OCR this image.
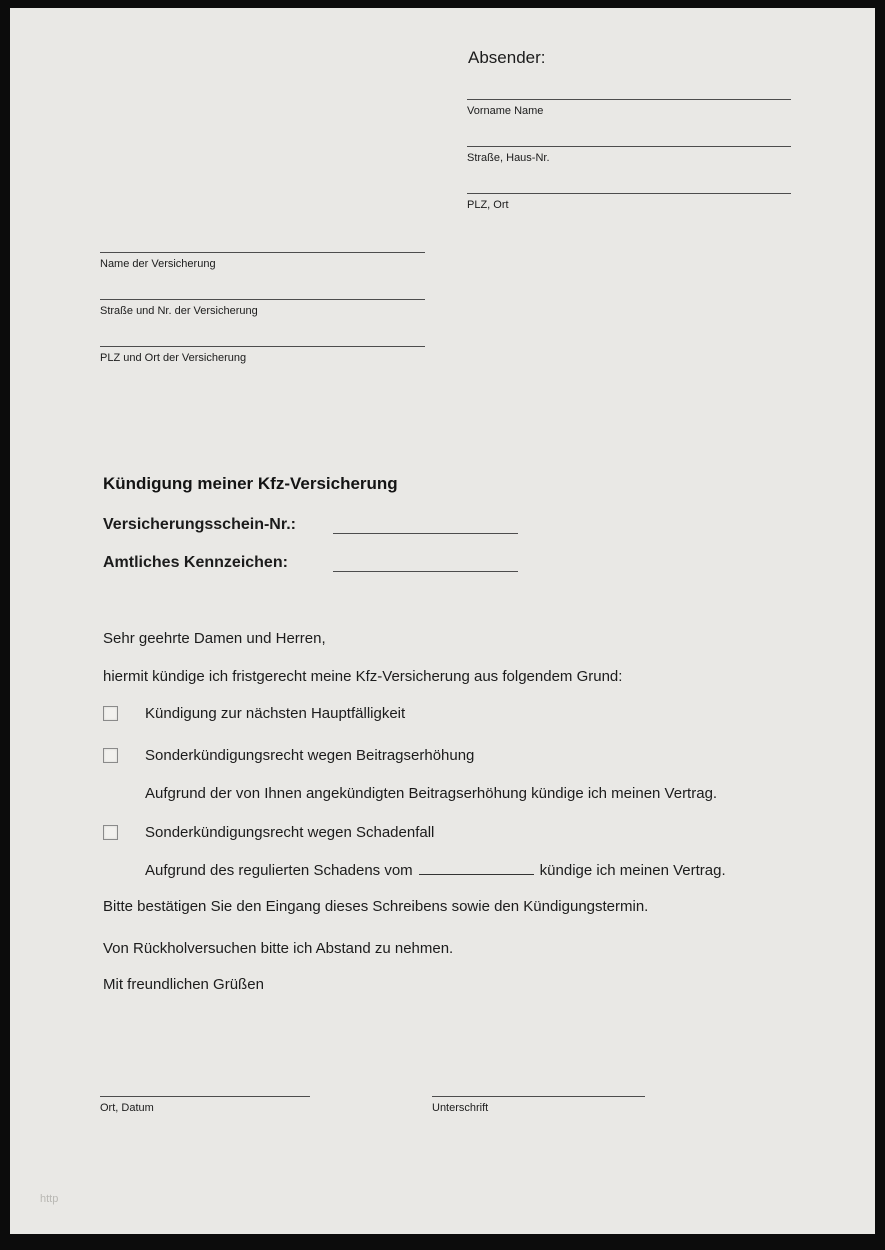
Absender:
Vorname Name
Straße, Haus-Nr.
PLZ, Ort
Name der Versicherung
Straße und Nr. der Versicherung
PLZ und Ort der Versicherung
Kündigung meiner Kfz-Versicherung
Versicherungsschein-Nr.:
Amtliches Kennzeichen:
Sehr geehrte Damen und Herren,
hiermit kündige ich fristgerecht meine Kfz-Versicherung aus folgendem Grund:
Kündigung zur nächsten Hauptfälligkeit
Sonderkündigungsrecht wegen Beitragserhöhung
Aufgrund der von Ihnen angekündigten Beitragserhöhung kündige ich meinen Vertrag.
Sonderkündigungsrecht wegen Schadenfall
Aufgrund des regulierten Schadens vom	kündige ich meinen Vertrag.
Bitte bestätigen Sie den Eingang dieses Schreibens sowie den Kündigungstermin.
Von Rückholversuchen bitte ich Abstand zu nehmen.
Mit freundlichen Grüßen
Ort, Datum	Unterschrift
http
